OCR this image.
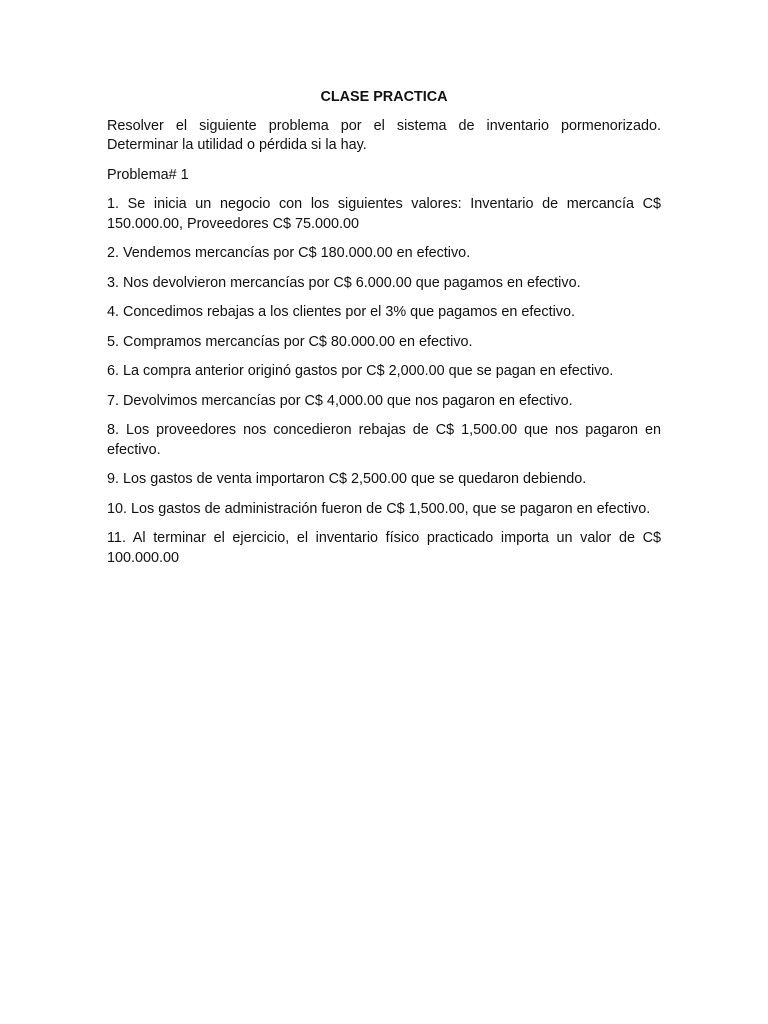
CLASE PRACTICA
Resolver el siguiente problema por el sistema de inventario pormenorizado. Determinar la utilidad o pérdida si la hay.
Problema# 1
1. Se inicia un negocio con los siguientes valores: Inventario de mercancía C$ 150.000.00, Proveedores C$ 75.000.00
2. Vendemos mercancías por C$ 180.000.00 en efectivo.
3. Nos devolvieron mercancías por C$ 6.000.00 que pagamos en efectivo.
4. Concedimos rebajas a los clientes por el 3% que pagamos en efectivo.
5. Compramos mercancías por C$ 80.000.00 en efectivo.
6. La compra anterior originó gastos por C$ 2,000.00 que se pagan en efectivo.
7. Devolvimos mercancías por C$ 4,000.00 que nos pagaron en efectivo.
8. Los proveedores nos concedieron rebajas de C$ 1,500.00 que nos pagaron en efectivo.
9. Los gastos de venta importaron C$ 2,500.00 que se quedaron debiendo.
10. Los gastos de administración fueron de C$ 1,500.00, que se pagaron en efectivo.
11. Al terminar el ejercicio, el inventario físico practicado importa un valor de C$ 100.000.00
